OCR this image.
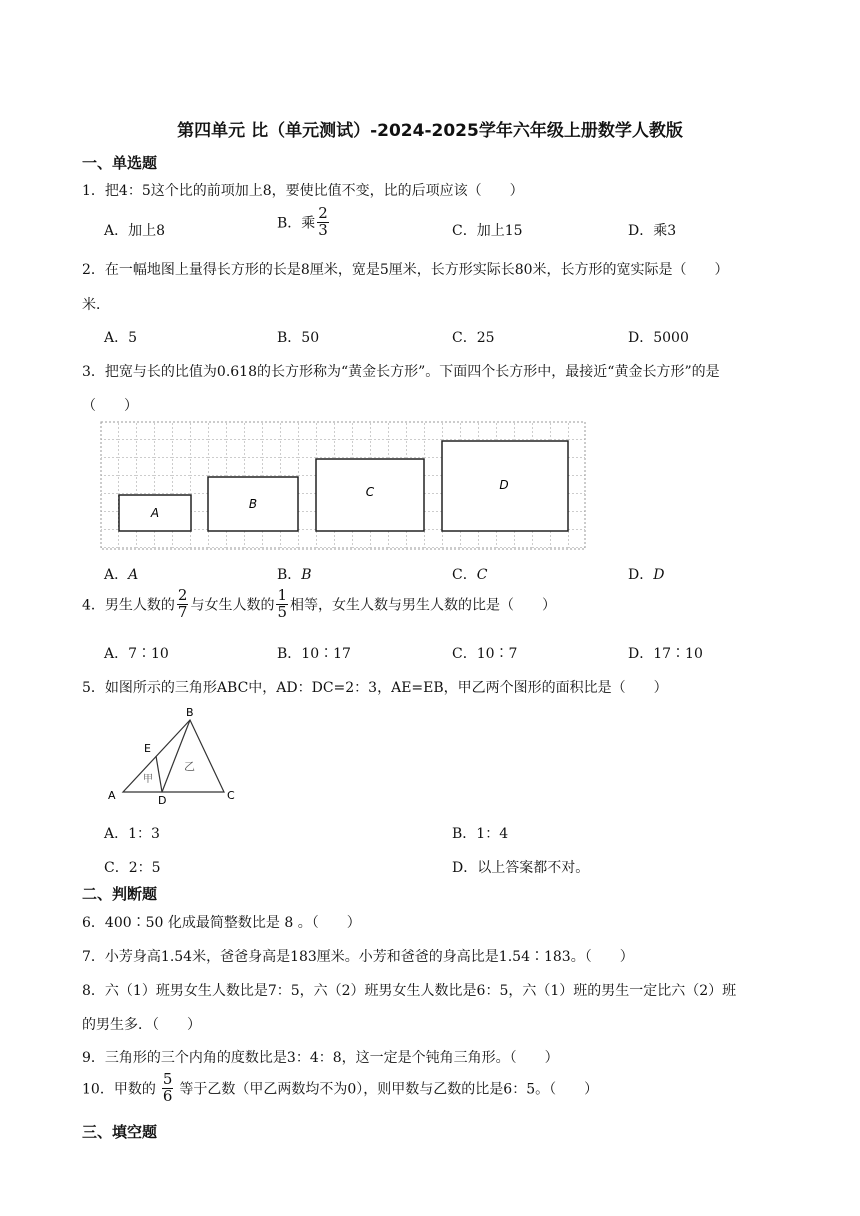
第四单元 比（单元测试）-2024-2025学年六年级上册数学人教版
一、单选题
1．把4：5这个比的前项加上8，要使比值不变，比的后项应该（　　）
A．加上8	B．乘 $\frac{2}{3}$	C．加上15	D．乘3
2．在一幅地图上量得长方形的长是8厘米，宽是5厘米，长方形实际长80米，长方形的宽实际是（　　）
米．
A．5	B．50	C．25	D．5000
3．把宽与长的比值为0.618的长方形称为“黄金长方形”。下面四个长方形中，最接近“黄金长方形”的是
（　　）
A
B
C	D
A．A	B．B	C．C	D．D
4．男生人数的 $\frac{2}{7}$ 与女生人数的 $\frac{1}{5}$ 相等，女生人数与男生人数的比是（　　）
A．7∶10	B．10∶17	C．10∶7	D．17∶10
5．如图所示的三角形ABC中，AD：DC=2：3，AE=EB，甲乙两个图形的面积比是（　　）
B
E
A	D	C
甲
乙
A．1：3	B．1：4
C．2：5	D．以上答案都不对。
二、判断题
6．400∶50 化成最简整数比是 8 。（　　）
7．小芳身高1.54米，爸爸身高是183厘米。小芳和爸爸的身高比是1.54∶183。（　　）
8．六（1）班男女生人数比是7：5，六（2）班男女生人数比是6：5，六（1）班的男生一定比六（2）班
的男生多．（　　）
9．三角形的三个内角的度数比是3：4：8，这一定是个钝角三角形。（　　）
10．甲数的 $\frac{5}{6}$ 等于乙数（甲乙两数均不为0），则甲数与乙数的比是6：5。（　　）
三、填空题
